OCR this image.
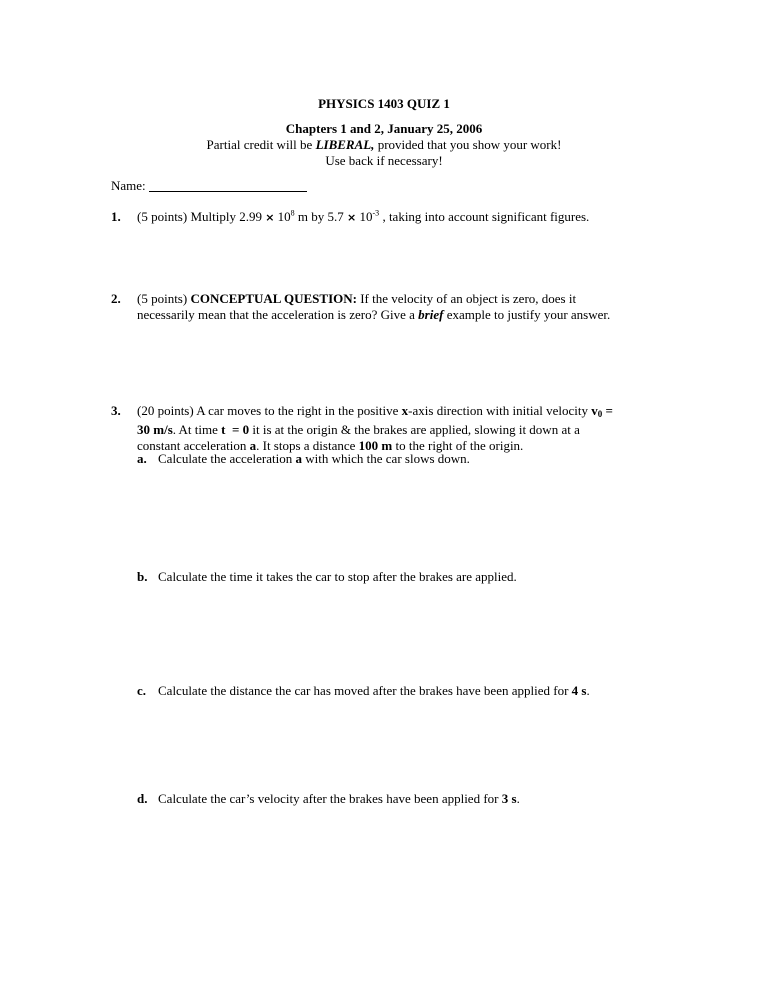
PHYSICS 1403 QUIZ 1
Chapters 1 and 2, January 25, 2006
Partial credit will be LIBERAL, provided that you show your work!
Use back if necessary!
Name:
1. (5 points) Multiply $2.99 \times 10^8$ m by $5.7 \times 10^{-3}$ , taking into account significant figures.
2. (5 points) CONCEPTUAL QUESTION: If the velocity of an object is zero, does it
necessarily mean that the acceleration is zero? Give a brief example to justify your answer.
3. (20 points) A car moves to the right in the positive x-axis direction with initial velocity v0 =
30 m/s. At time t  = 0 it is at the origin & the brakes are applied, slowing it down at a
constant acceleration a. It stops a distance 100 m to the right of the origin.
a. Calculate the acceleration a with which the car slows down.
b. Calculate the time it takes the car to stop after the brakes are applied.
c. Calculate the distance the car has moved after the brakes have been applied for 4 s.
d. Calculate the car’s velocity after the brakes have been applied for 3 s.
